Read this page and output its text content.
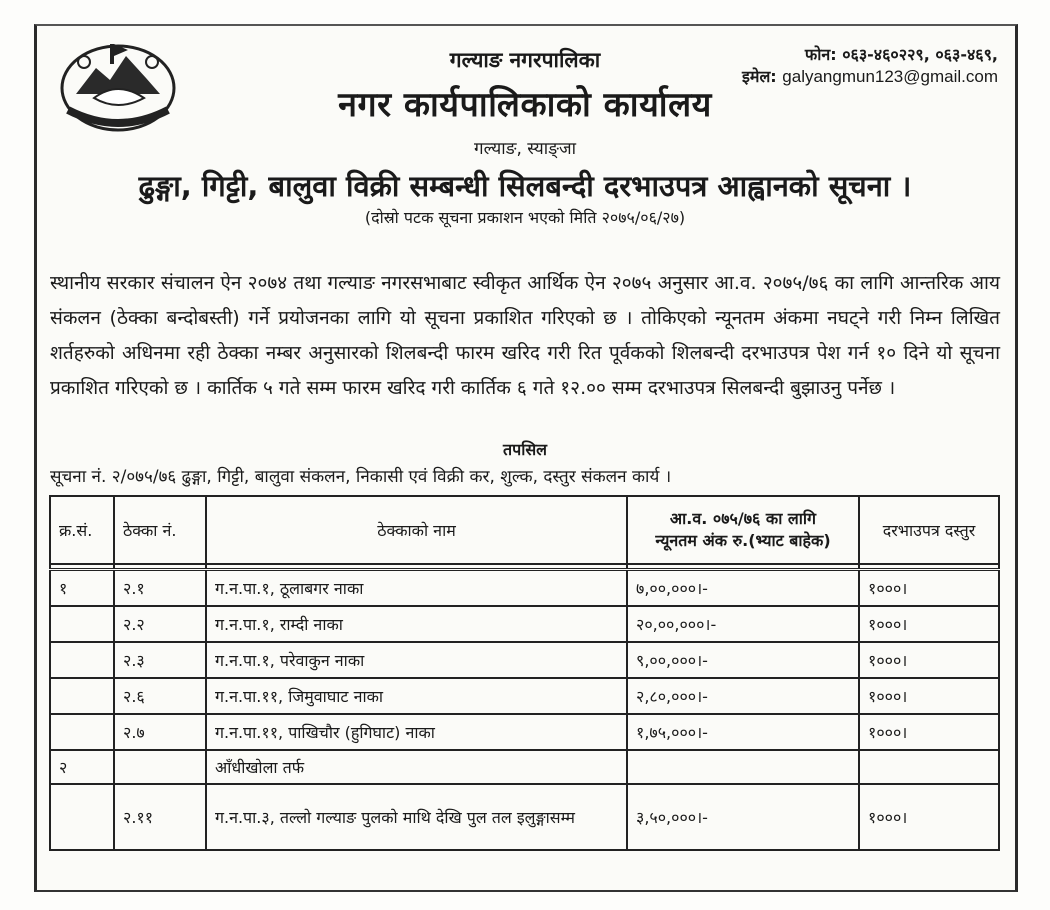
गल्याङ नगरपालिका
नगर कार्यपालिकाको कार्यालय
गल्याङ, स्याङ्जा
फोन: ०६३-४६०२२९, ०६३-४६९,
इमेल: galyangmun123@gmail.com
ढुङ्गा, गिट्टी, बालुवा विक्री सम्बन्धी सिलबन्दी दरभाउपत्र आह्वानको सूचना ।
(दोस्रो पटक सूचना प्रकाशन भएको मिति २०७५/०६/२७)
स्थानीय सरकार संचालन ऐन २०७४ तथा गल्याङ नगरसभाबाट स्वीकृत आर्थिक ऐन २०७५ अनुसार आ.व. २०७५/७६ का लागि आन्तरिक आय संकलन (ठेक्का बन्दोबस्ती) गर्ने प्रयोजनका लागि यो सूचना प्रकाशित गरिएको छ । तोकिएको न्यूनतम अंकमा नघट्ने गरी निम्न लिखित शर्तहरुको अधिनमा रही ठेक्का नम्बर अनुसारको शिलबन्दी फारम खरिद गरी रित पूर्वकको शिलबन्दी दरभाउपत्र पेश गर्न १० दिने यो सूचना प्रकाशित गरिएको छ । कार्तिक ५ गते सम्म फारम खरिद गरी कार्तिक ६ गते १२.०० सम्म दरभाउपत्र सिलबन्दी बुझाउनु पर्नेछ ।
तपसिल
सूचना नं. २/०७५/७६ ढुङ्गा, गिट्टी, बालुवा संकलन, निकासी एवं विक्री कर, शुल्क, दस्तुर संकलन कार्य ।
क्र.सं.	ठेक्का नं.	ठेक्काको नाम	आ.व. ०७५/७६ का लागि
न्यूनतम अंक रु.(भ्याट बाहेक)	दरभाउपत्र दस्तुर

१	२.१	ग.न.पा.१, ठूलाबगर नाका	७,००,०००।-	१०००।
	२.२	ग.न.पा.१, राम्दी नाका	२०,००,०००।-	१०००।
	२.३	ग.न.पा.१, परेवाकुन नाका	९,००,०००।-	१०००।
	२.६	ग.न.पा.११, जिमुवाघाट नाका	२,८०,०००।-	१०००।
	२.७	ग.न.पा.११, पाखिचौर (हुगिघाट) नाका	१,७५,०००।-	१०००।
२		आँधीखोला तर्फ		
	२.११	ग.न.पा.३, तल्लो गल्याङ पुलको माथि देखि पुल तल इलुङ्गासम्म	३,५०,०००।-	१०००।
